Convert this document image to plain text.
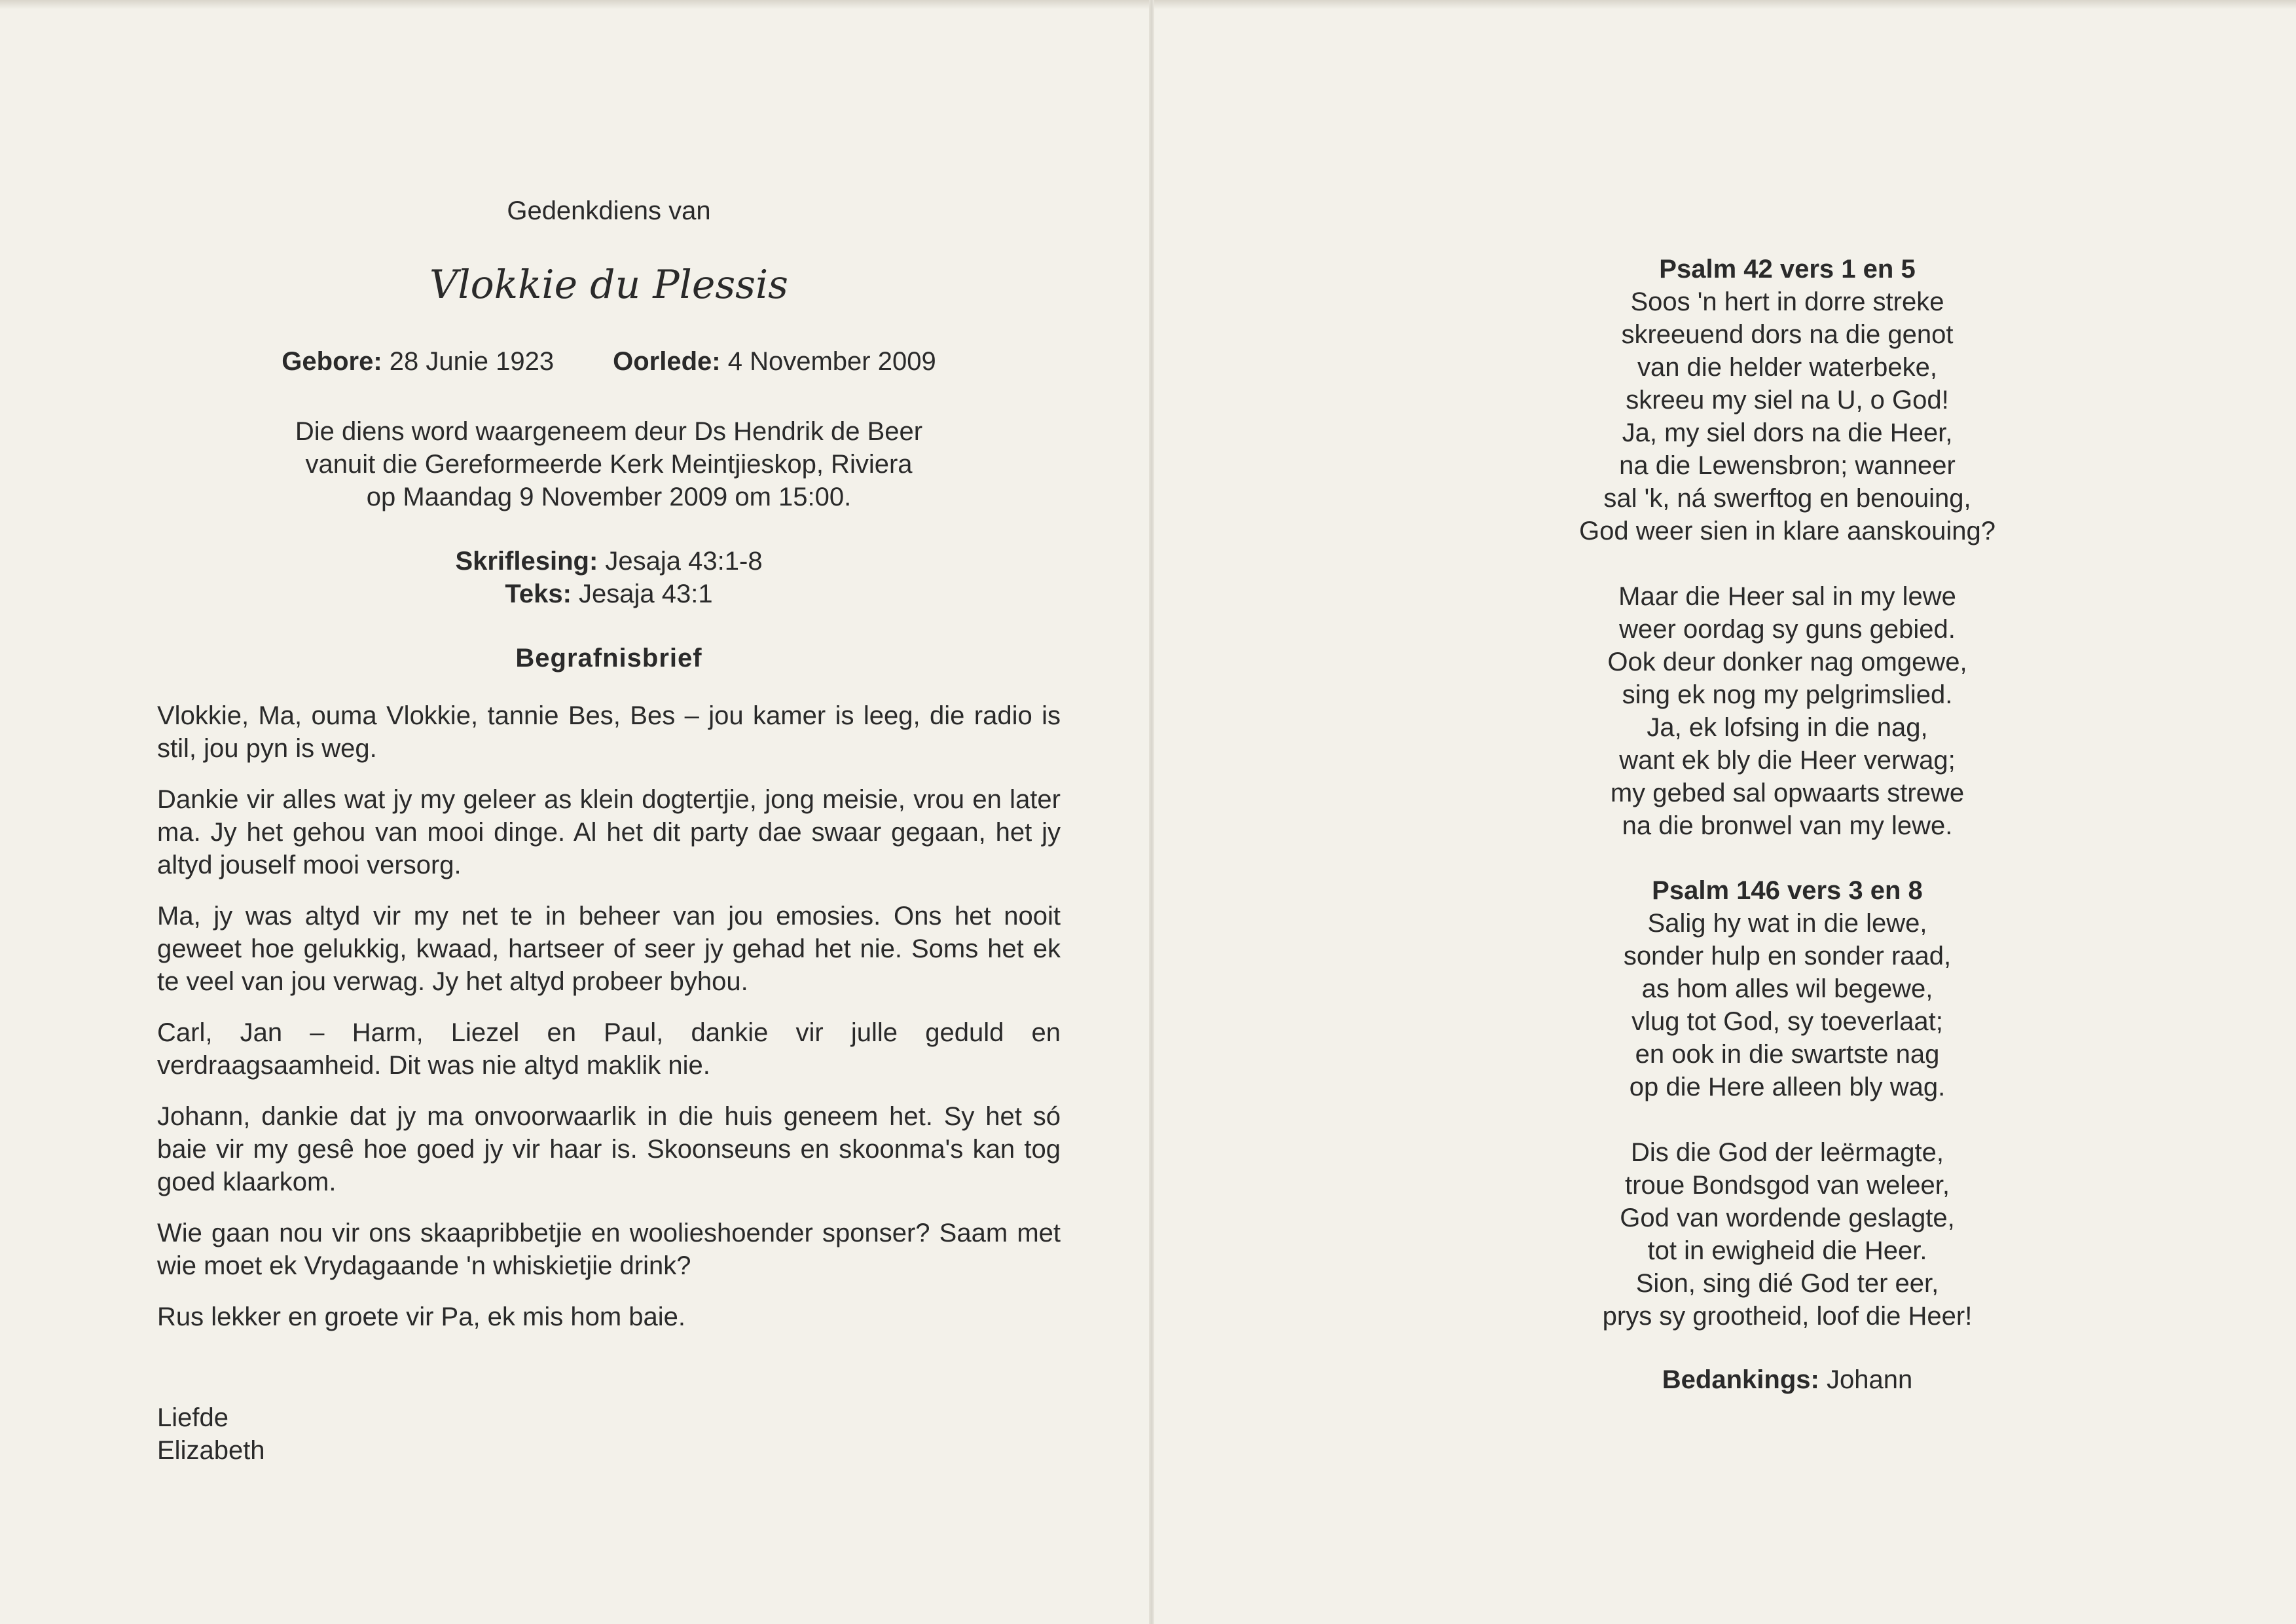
Gedenkdiens van
Vlokkie du Plessis
Gebore: 28 Junie 1923 Oorlede: 4 November 2009
Die diens word waargeneem deur Ds Hendrik de Beer
vanuit die Gereformeerde Kerk Meintjieskop, Riviera
op Maandag 9 November 2009 om 15:00.
Skriflesing: Jesaja 43:1-8
Teks: Jesaja 43:1
Begrafnisbrief

Vlokkie, Ma, ouma Vlokkie, tannie Bes, Bes – jou kamer is leeg, die radio is stil, jou pyn is weg.

Dankie vir alles wat jy my geleer as klein dogtertjie, jong meisie, vrou en later ma. Jy het gehou van mooi dinge. Al het dit party dae swaar gegaan, het jy altyd jouself mooi versorg.

Ma, jy was altyd vir my net te in beheer van jou emosies. Ons het nooit geweet hoe gelukkig, kwaad, hartseer of seer jy gehad het nie. Soms het ek te veel van jou verwag. Jy het altyd probeer byhou.

Carl, Jan – Harm, Liezel en Paul, dankie vir julle geduld en verdraagsaamheid. Dit was nie altyd maklik nie.

Johann, dankie dat jy ma onvoorwaarlik in die huis geneem het. Sy het só baie vir my gesê hoe goed jy vir haar is. Skoonseuns en skoonma's kan tog goed klaarkom.

Wie gaan nou vir ons skaapribbetjie en woolieshoender sponser? Saam met wie moet ek Vrydagaande 'n whiskietjie drink?

Rus lekker en groete vir Pa, ek mis hom baie.

Liefde
Elizabeth
Psalm 42 vers 1 en 5
Soos 'n hert in dorre streke
skreeuend dors na die genot
van die helder waterbeke,
skreeu my siel na U, o God!
Ja, my siel dors na die Heer,
na die Lewensbron; wanneer
sal 'k, ná swerftog en benouing,
God weer sien in klare aanskouing?
Maar die Heer sal in my lewe
weer oordag sy guns gebied.
Ook deur donker nag omgewe,
sing ek nog my pelgrimslied.
Ja, ek lofsing in die nag,
want ek bly die Heer verwag;
my gebed sal opwaarts strewe
na die bronwel van my lewe.
Psalm 146 vers 3 en 8
Salig hy wat in die lewe,
sonder hulp en sonder raad,
as hom alles wil begewe,
vlug tot God, sy toeverlaat;
en ook in die swartste nag
op die Here alleen bly wag.
Dis die God der leërmagte,
troue Bondsgod van weleer,
God van wordende geslagte,
tot in ewigheid die Heer.
Sion, sing dié God ter eer,
prys sy grootheid, loof die Heer!
Bedankings: Johann
